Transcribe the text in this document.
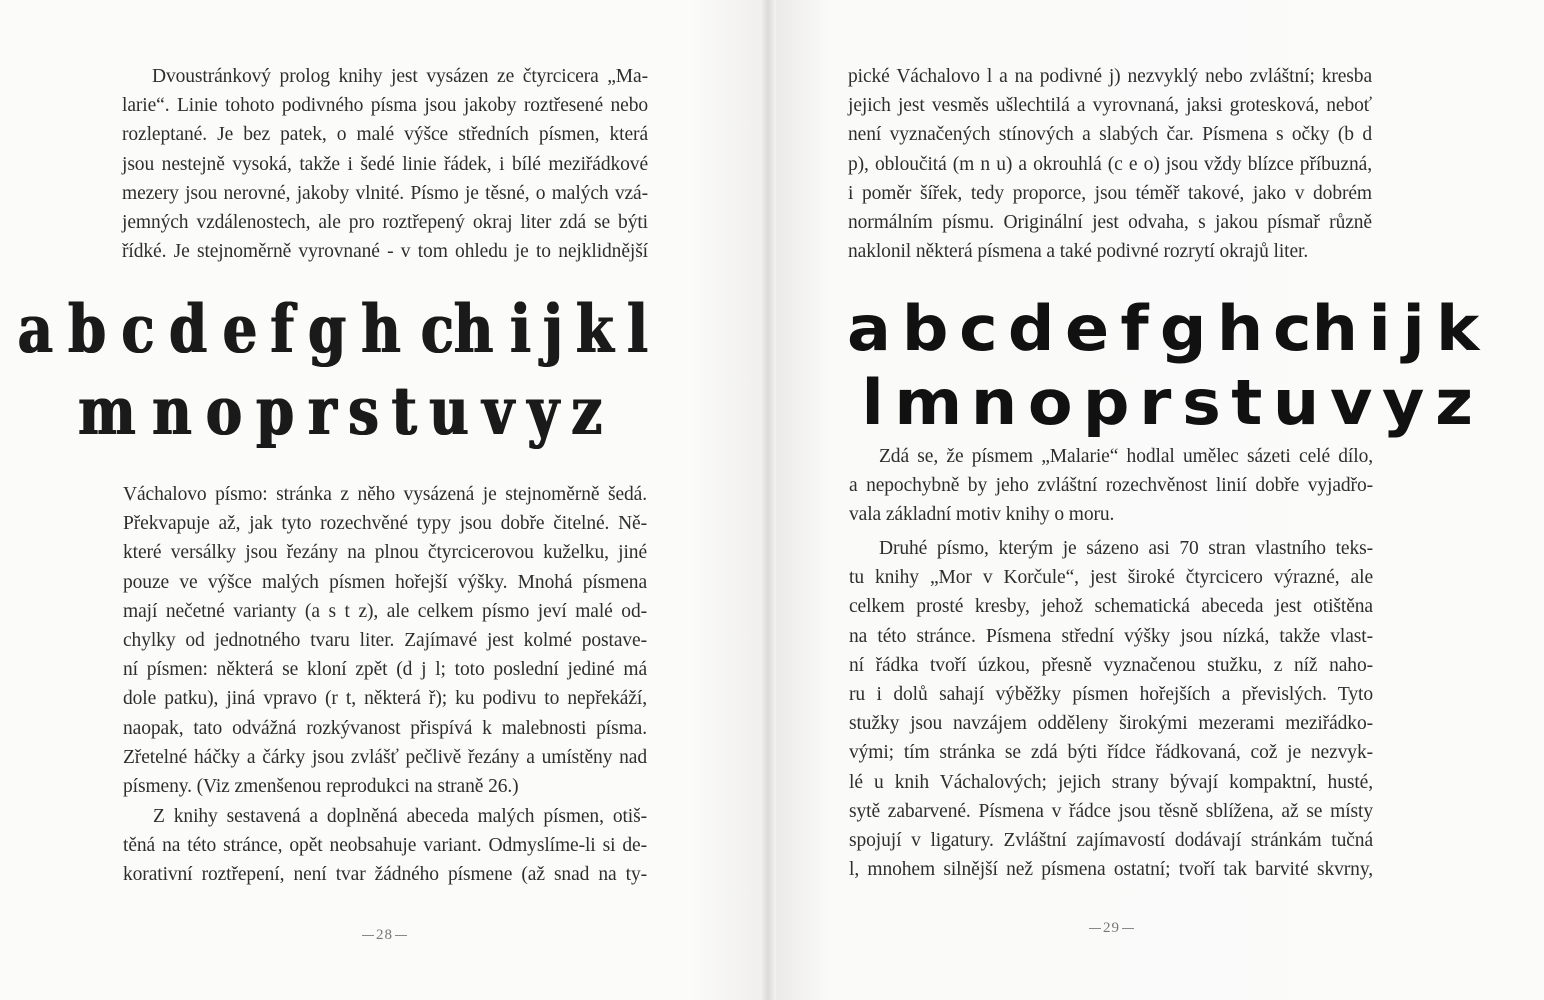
Dvoustránkový prolog knihy jest vysázen ze čtyrcicera „Ma-
larie“. Linie tohoto podivného písma jsou jakoby roztřesené nebo
rozleptané. Je bez patek, o malé výšce středních písmen, která
jsou nestejně vysoká, takže i šedé linie řádek, i bílé meziřádkové
mezery jsou nerovné, jakoby vlnité. Písmo je těsné, o malých vzá-
jemných vzdálenostech, ale pro roztřepený okraj liter zdá se býti
řídké. Je stejnoměrně vyrovnané - v tom ohledu je to nejklidnější
a b c d e f g h ch i j k l
m n o p r s t u v y z
Váchalovo písmo: stránka z něho vysázená je stejnoměrně šedá.
Překvapuje až, jak tyto rozechvěné typy jsou dobře čitelné. Ně-
které versálky jsou řezány na plnou čtyrcicerovou kuželku, jiné
pouze ve výšce malých písmen hořejší výšky. Mnohá písmena
mají nečetné varianty (a s t z), ale celkem písmo jeví malé od-
chylky od jednotného tvaru liter. Zajímavé jest kolmé postave-
ní písmen: některá se kloní zpět (d j l; toto poslední jediné má
dole patku), jiná vpravo (r t, některá ř); ku podivu to nepřekáží,
naopak, tato odvážná rozkývanost přispívá k malebnosti písma.
Zřetelné háčky a čárky jsou zvlášť pečlivě řezány a umístěny nad
písmeny. (Viz zmenšenou reprodukci na straně 26.)
Z knihy sestavená a doplněná abeceda malých písmen, otiš-
těná na této stránce, opět neobsahuje variant. Odmyslíme-li si de-
korativní roztřepení, není tvar žádného písmene (až snad na ty-
28
pické Váchalovo l a na podivné j) nezvyklý nebo zvláštní; kresba
jejich jest vesměs ušlechtilá a vyrovnaná, jaksi grotesková, neboť
není vyznačených stínových a slabých čar. Písmena s očky (b d
p), obloučitá (m n u) a okrouhlá (c e o) jsou vždy blízce příbuzná,
i poměr šířek, tedy proporce, jsou téměř takové, jako v dobrém
normálním písmu. Originální jest odvaha, s jakou písmař různě
naklonil některá písmena a také podivné rozrytí okrajů liter.
a b c d e f g h ch i j k
l m n o p r s t u v y z
Zdá se, že písmem „Malarie“ hodlal umělec sázeti celé dílo,
a nepochybně by jeho zvláštní rozechvěnost linií dobře vyjadřo-
vala základní motiv knihy o moru.
Druhé písmo, kterým je sázeno asi 70 stran vlastního teks-
tu knihy „Mor v Korčule“, jest široké čtyrcicero výrazné, ale
celkem prosté kresby, jehož schematická abeceda jest otištěna
na této stránce. Písmena střední výšky jsou nízká, takže vlast-
ní řádka tvoří úzkou, přesně vyznačenou stužku, z níž naho-
ru i dolů sahají výběžky písmen hořejších a převislých. Tyto
stužky jsou navzájem odděleny širokými mezerami meziřádko-
vými; tím stránka se zdá býti řídce řádkovaná, což je nezvyk-
lé u knih Váchalových; jejich strany bývají kompaktní, husté,
sytě zabarvené. Písmena v řádce jsou těsně sblížena, až se místy
spojují v ligatury. Zvláštní zajímavostí dodávají stránkám tučná
l, mnohem silnější než písmena ostatní; tvoří tak barvité skvrny,
29
